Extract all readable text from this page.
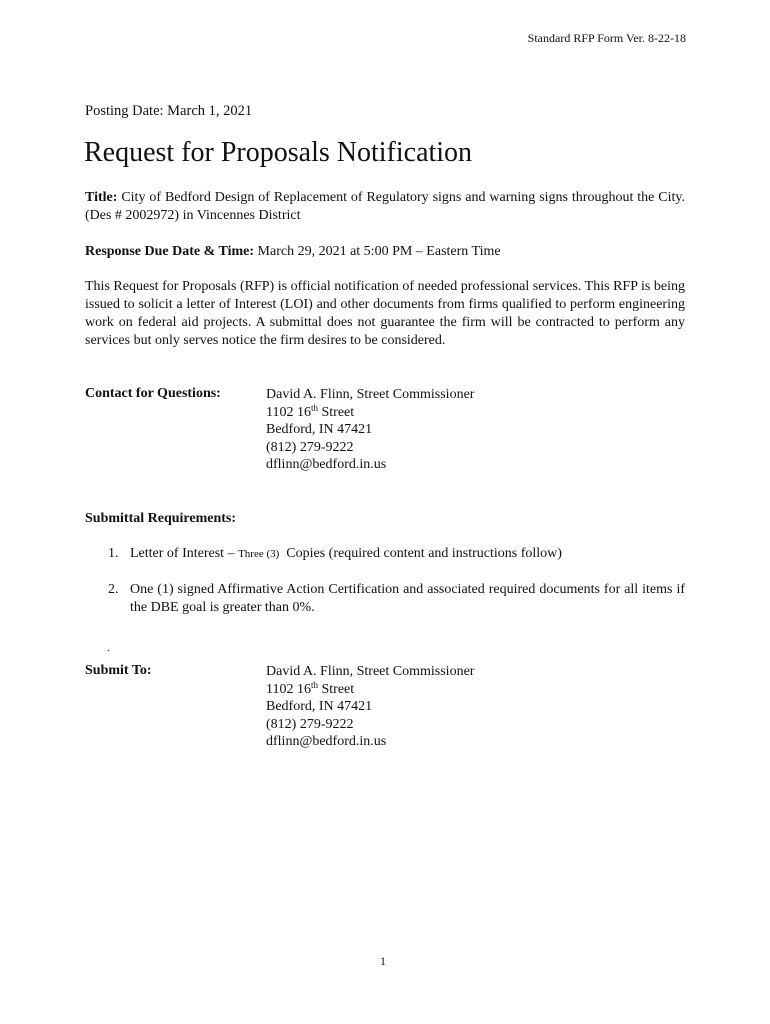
Standard RFP Form Ver. 8-22-18
Posting Date: March 1, 2021
Request for Proposals Notification

Title: City of Bedford Design of Replacement of Regulatory signs and warning signs throughout the City. (Des # 2002972) in Vincennes District

Response Due Date & Time: March 29, 2021 at 5:00 PM – Eastern Time

This Request for Proposals (RFP) is official notification of needed professional services. This RFP is being issued to solicit a letter of Interest (LOI) and other documents from firms qualified to perform engineering work on federal aid projects. A submittal does not guarantee the firm will be contracted to perform any services but only serves notice the firm desires to be considered.

Contact for Questions:	David A. Flinn, Street Commissioner
1102 16th Street
Bedford, IN 47421
(812) 279-9222
dflinn@bedford.in.us
Submittal Requirements:
1. Letter of Interest – Three (3)  Copies (required content and instructions follow)
2. One (1) signed Affirmative Action Certification and associated required documents for all items if the DBE goal is greater than 0%.
.
Submit To:	David A. Flinn, Street Commissioner
1102 16th Street
Bedford, IN 47421
(812) 279-9222
dflinn@bedford.in.us
1
